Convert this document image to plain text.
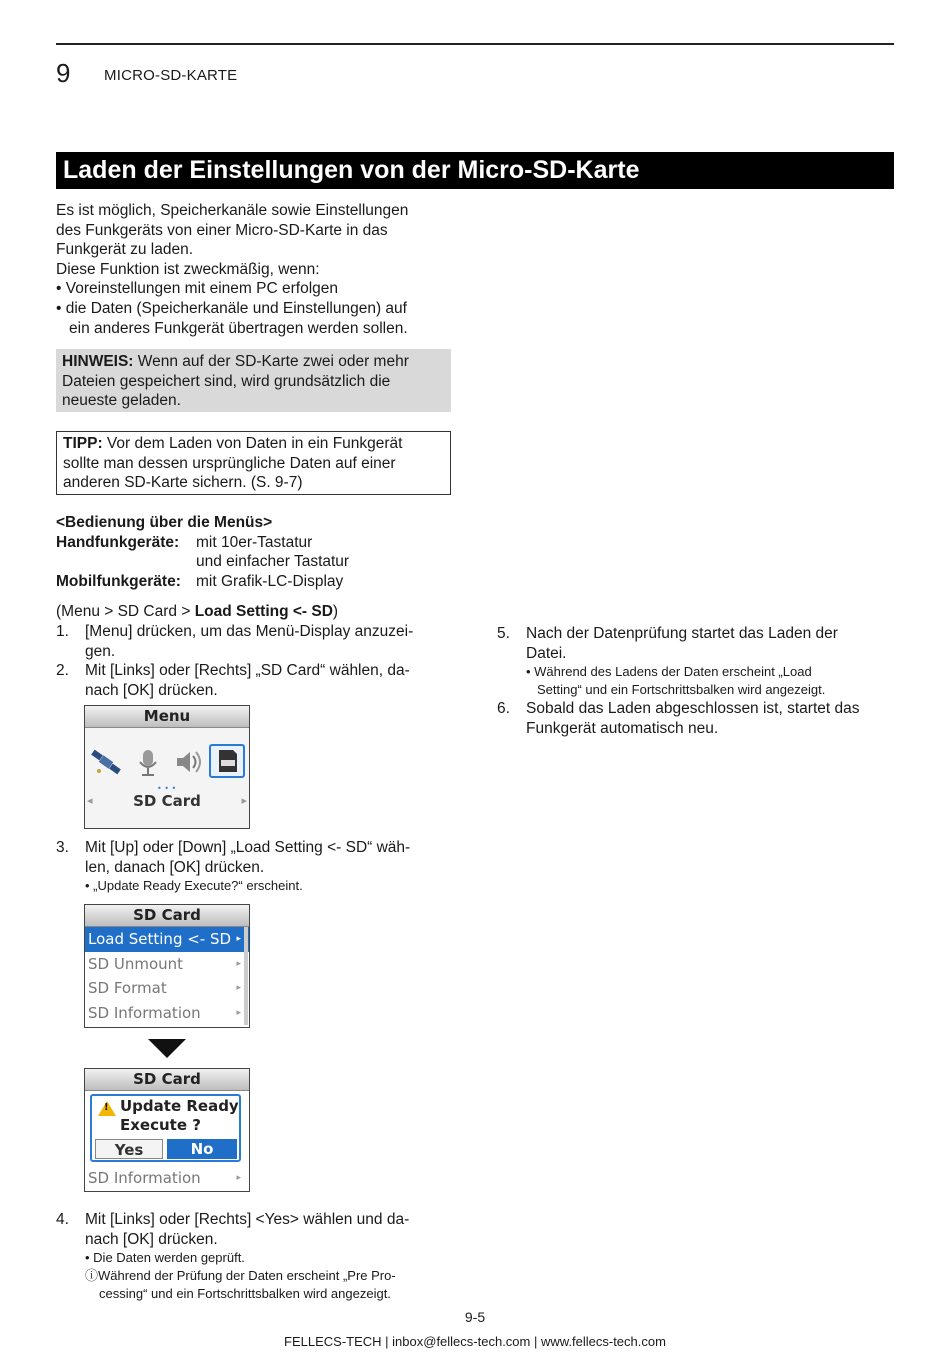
9 MICRO-SD-KARTE
Laden der Einstellungen von der Micro-SD-Karte
Es ist möglich, Speicherkanäle sowie Einstellungen
des Funkgeräts von einer Micro-SD-Karte in das
Funkgerät zu laden.
Diese Funktion ist zweckmäßig, wenn:
• Voreinstellungen mit einem PC erfolgen
• die Daten (Speicherkanäle und Einstellungen) auf
ein anderes Funkgerät übertragen werden sollen.
HINWEIS: Wenn auf der SD-Karte zwei oder mehr
Dateien gespeichert sind, wird grundsätzlich die
neueste geladen.
TIPP: Vor dem Laden von Daten in ein Funkgerät
sollte man dessen ursprüngliche Daten auf einer
anderen SD-Karte sichern. (S. 9-7)
<Bedienung über die Menüs>
Handfunkgeräte: mit 10er-Tastatur
und einfacher Tastatur
Mobilfunkgeräte: mit Grafik-LC-Display
(Menu > SD Card > Load Setting <- SD)
1. [Menu] drücken, um das Menü-Display anzuzei-
gen.
2. Mit [Links] oder [Rechts] „SD Card“ wählen, da-
nach [OK] drücken.
Menu
• • •
◂	SD Card	▸
3. Mit [Up] oder [Down] „Load Setting <- SD“ wäh-
len, danach [OK] drücken.
• „Update Ready Execute?“ erscheint.
SD Card
Load Setting <- SD ▸
SD Unmount	▸
SD Format	▸
SD Information	▸
SD Card
! Update Ready
Execute ?
Yes	No
SD Information	▸
4. Mit [Links] oder [Rechts] <Yes> wählen und da-
nach [OK] drücken.
• Die Daten werden geprüft.
ⓘWährend der Prüfung der Daten erscheint „Pre Pro-
cessing“ und ein Fortschrittsbalken wird angezeigt.
5. Nach der Datenprüfung startet das Laden der
Datei.
• Während des Ladens der Daten erscheint „Load
Setting“ und ein Fortschrittsbalken wird angezeigt.
6. Sobald das Laden abgeschlossen ist, startet das
Funkgerät automatisch neu.
9-5
FELLECS-TECH | inbox@fellecs-tech.com | www.fellecs-tech.com
